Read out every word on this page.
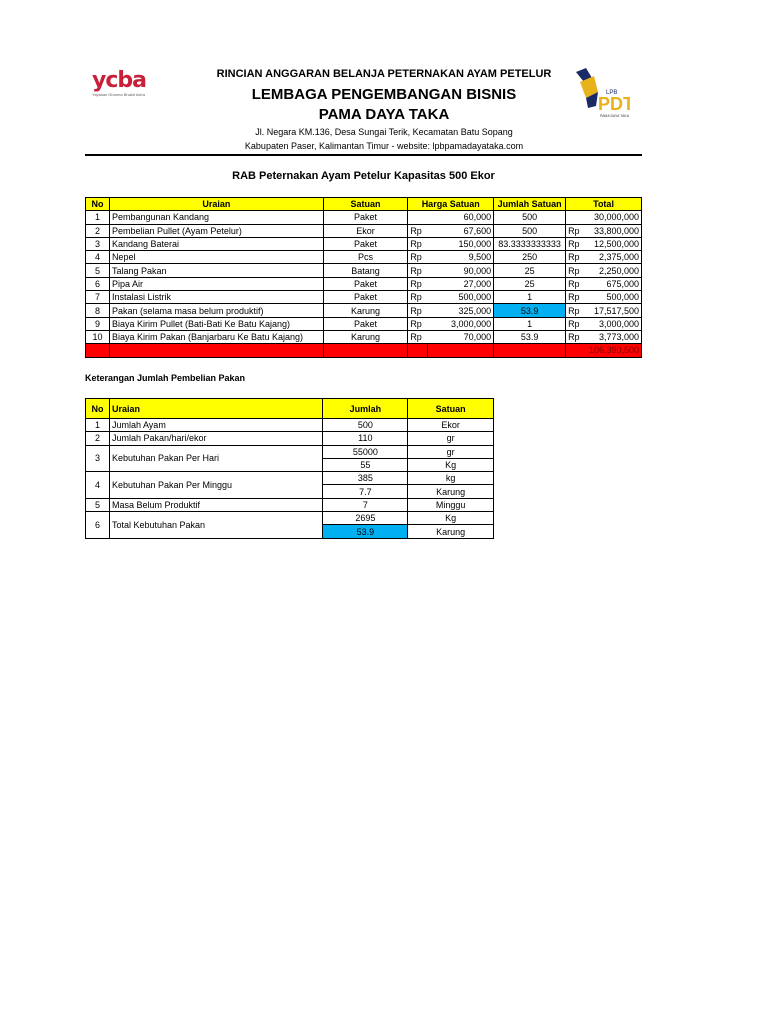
ycba
Yayasan Dharma Bhakti Astra	LPB
PDT
PAMA DAYA TAKA
RINCIAN ANGGARAN BELANJA PETERNAKAN AYAM PETELUR
LEMBAGA PENGEMBANGAN BISNIS
PAMA DAYA TAKA
Jl. Negara KM.136, Desa Sungai Terik, Kecamatan Batu Sopang
Kabupaten Paser, Kalimantan Timur - website: lpbpamadayataka.com
RAB Peternakan Ayam Petelur Kapasitas 500 Ekor
No	Uraian	Satuan	Harga Satuan		Jumlah Satuan	Total	
1	Pembangunan Kandang	Paket		60,000	500		30,000,000
2	Pembelian Pullet (Ayam Petelur)	Ekor	Rp	67,600	500	Rp	33,800,000
3	Kandang Baterai	Paket	Rp	150,000	83.3333333333	Rp	12,500,000
4	Nepel	Pcs	Rp	9,500	250	Rp	2,375,000
5	Talang Pakan	Batang	Rp	90,000	25	Rp	2,250,000
6	Pipa Air	Paket	Rp	27,000	25	Rp	675,000
7	Instalasi Listrik	Paket	Rp	500,000	1	Rp	500,000
8	Pakan (selama masa belum produktif)	Karung	Rp	325,000	53.9	Rp	17,517,500
9	Biaya Kirim Pullet (Bati-Bati Ke Batu Kajang)	Paket	Rp	3,000,000	1	Rp	3,000,000
10	Biaya Kirim Pakan (Banjarbaru Ke Batu Kajang)	Karung	Rp	70,000	53.9	Rp	3,773,000
						106,390,500	
Keterangan Jumlah Pembelian Pakan
No	Uraian	Jumlah	Satuan
1	Jumlah Ayam	500	Ekor
2	Jumlah Pakan/hari/ekor	110	gr
3	Kebutuhan Pakan Per Hari	55000	gr
		55	Kg
4	Kebutuhan Pakan Per Minggu	385	kg
		7.7	Karung
5	Masa Belum Produktif	7	Minggu
6	Total Kebutuhan Pakan	2695	Kg
		53.9	Karung
